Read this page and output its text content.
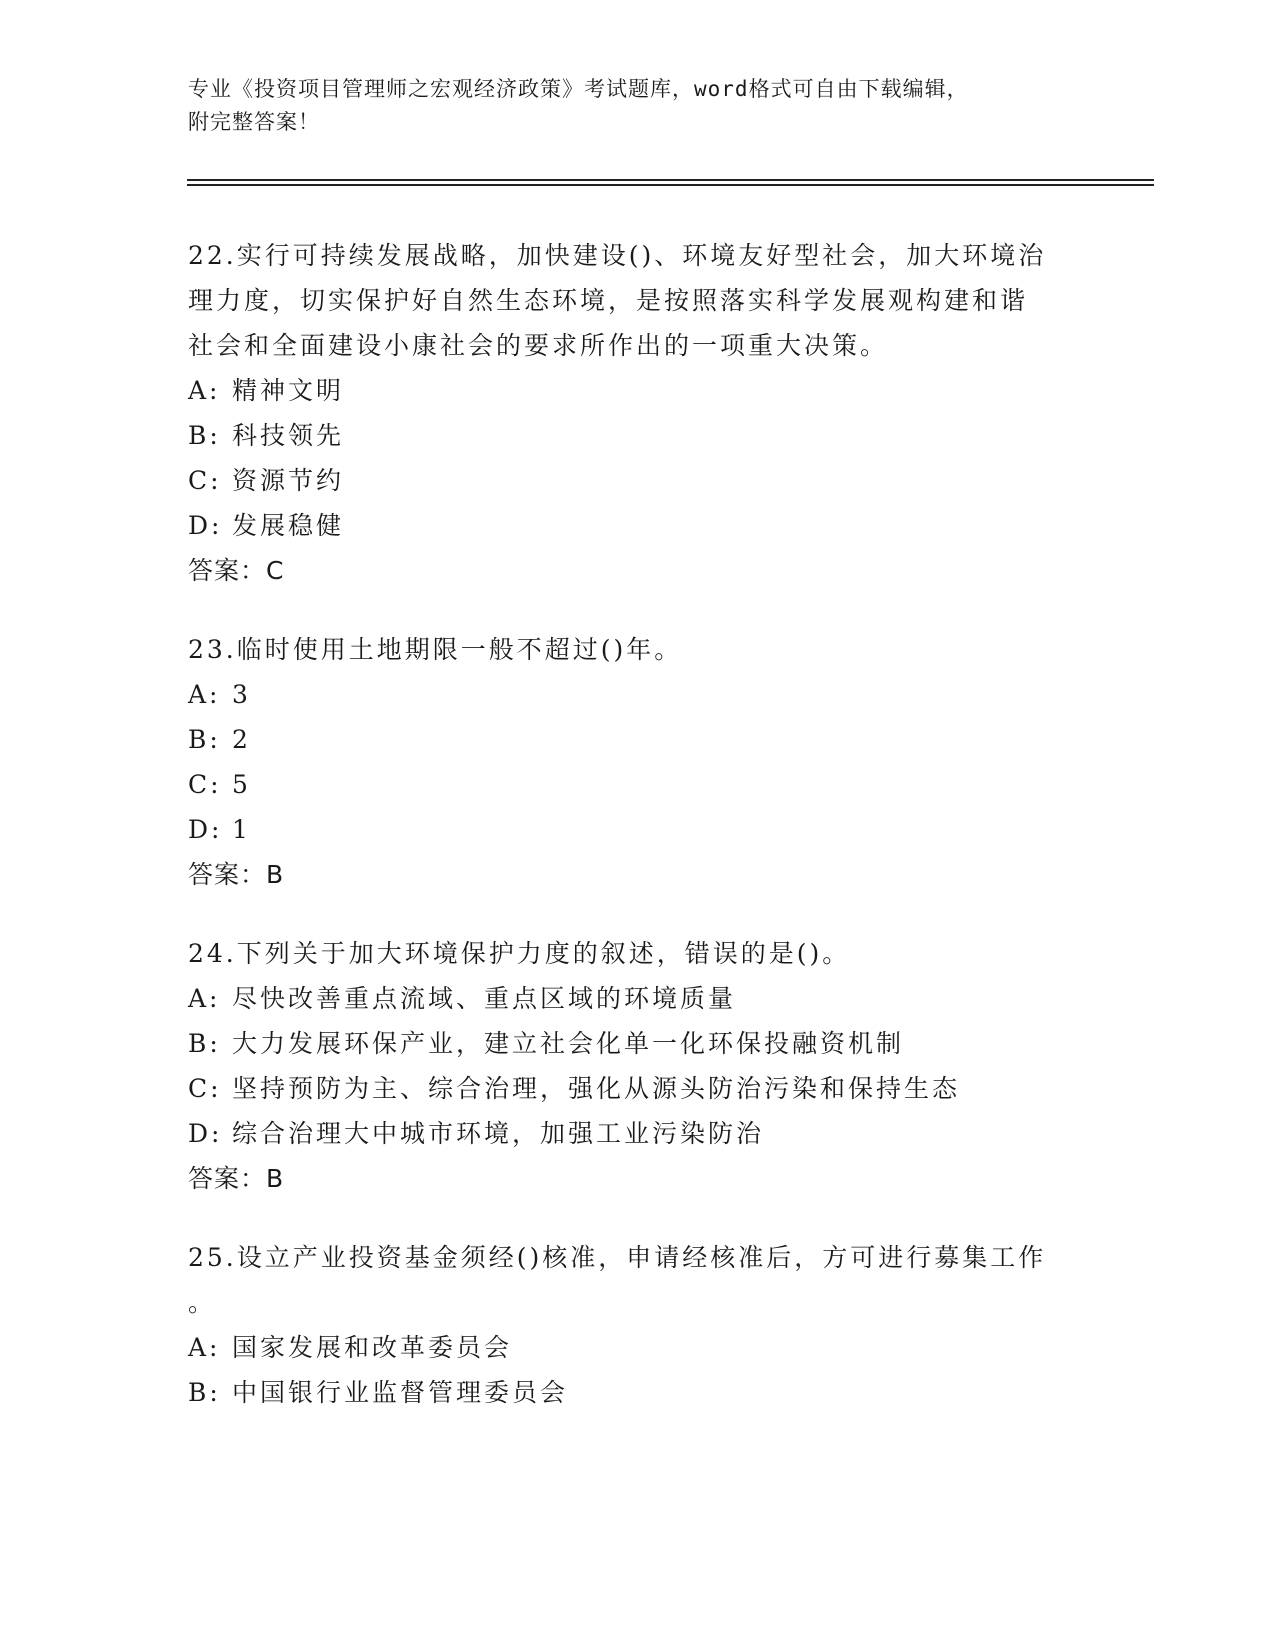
专业《投资项目管理师之宏观经济政策》考试题库，word格式可自由下载编辑，
附完整答案！
22.实行可持续发展战略，加快建设()、环境友好型社会，加大环境治
理力度，切实保护好自然生态环境，是按照落实科学发展观构建和谐
社会和全面建设小康社会的要求所作出的一项重大决策。
A: 精神文明
B: 科技领先
C: 资源节约
D: 发展稳健
答案：C
23.临时使用土地期限一般不超过()年。
A: 3
B: 2
C: 5
D: 1
答案：B
24.下列关于加大环境保护力度的叙述，错误的是()。
A: 尽快改善重点流域、重点区域的环境质量
B: 大力发展环保产业，建立社会化单一化环保投融资机制
C: 坚持预防为主、综合治理，强化从源头防治污染和保持生态
D: 综合治理大中城市环境，加强工业污染防治
答案：B
25.设立产业投资基金须经()核准，申请经核准后，方可进行募集工作
。
A: 国家发展和改革委员会
B: 中国银行业监督管理委员会
